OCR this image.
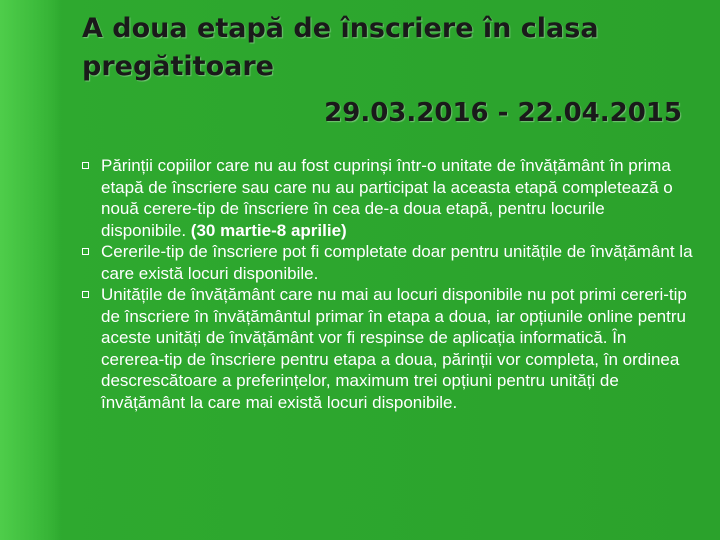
A doua etapă de înscriere în clasa
pregătitoare
29.03.2016 - 22.04.2015
Părinții copiilor care nu au fost cuprinși într-o unitate de învățământ în prima etapă de înscriere sau care nu au participat la aceasta etapă completează o nouă cerere-tip de înscriere în cea de-a doua etapă, pentru locurile disponibile. (30 martie-8 aprilie)
Cererile-tip de înscriere pot fi completate doar pentru unitățile de învățământ la care există locuri disponibile.
Unitățile de învățământ care nu mai au locuri disponibile nu pot primi cereri-tip de înscriere în învățământul primar în etapa a doua, iar opțiunile online pentru aceste unități de învățământ vor fi respinse de aplicația informatică. În cererea-tip de înscriere pentru etapa a doua, părinții vor completa, în ordinea descrescătoare a preferințelor, maximum trei opțiuni pentru unități de învățământ la care mai există locuri disponibile.
